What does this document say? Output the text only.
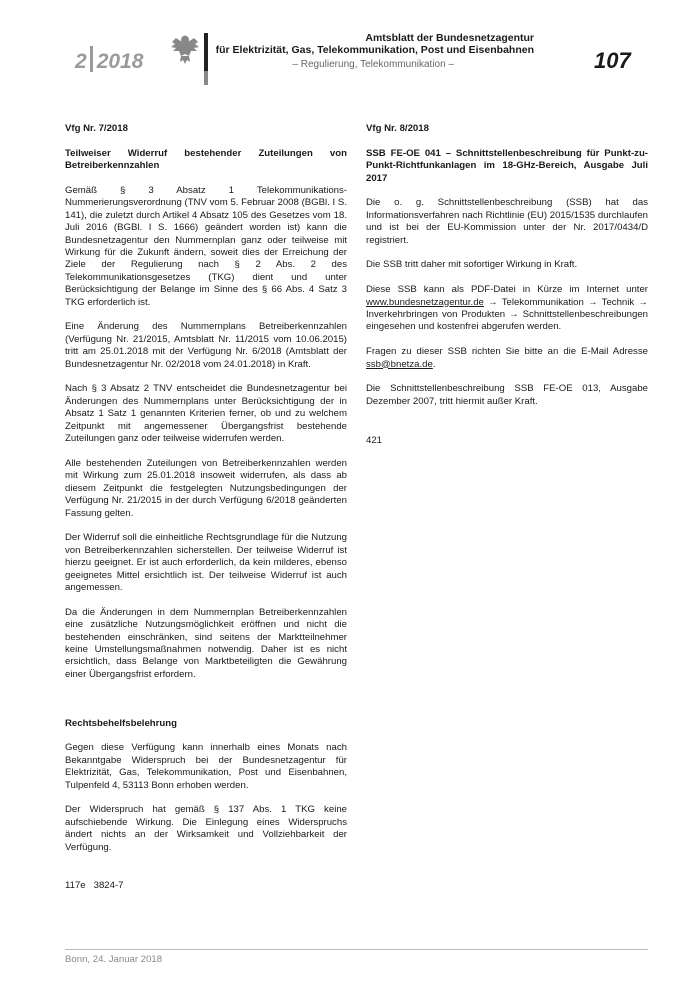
2 2018
Amtsblatt der Bundesnetzagentur
für Elektrizität, Gas, Telekommunikation, Post und Eisenbahnen
– Regulierung, Telekommunikation –	107
Vfg Nr. 7/2018

Teilweiser Widerruf bestehender Zuteilungen von Betreiberkennzahlen

Gemäß § 3 Absatz 1 Telekommunikations-Nummerierungsverordnung (TNV vom 5. Februar 2008 (BGBl. I S. 141), die zuletzt durch Artikel 4 Absatz 105 des Gesetzes vom 18. Juli 2016 (BGBl. I S. 1666) geändert worden ist) kann die Bundesnetzagentur den Nummernplan ganz oder teilweise mit Wirkung für die Zukunft ändern, soweit dies der Erreichung der Ziele der Regulierung nach § 2 Abs. 2 des Telekommunikationsgesetzes (TKG) dient und unter Berücksichtigung der Belange im Sinne des § 66 Abs. 4 Satz 3 TKG erforderlich ist.

Eine Änderung des Nummernplans Betreiberkennzahlen (Verfügung Nr. 21/2015, Amtsblatt Nr. 11/2015 vom 10.06.2015) tritt am 25.01.2018 mit der Verfügung Nr. 6/2018 (Amtsblatt der Bundesnetzagentur Nr. 02/2018 vom 24.01.2018) in Kraft.

Nach § 3 Absatz 2 TNV entscheidet die Bundesnetzagentur bei Änderungen des Nummernplans unter Berücksichtigung der in Absatz 1 Satz 1 genannten Kriterien ferner, ob und zu welchem Zeitpunkt mit angemessener Übergangsfrist bestehende Zuteilungen ganz oder teilweise widerrufen werden.

Alle bestehenden Zuteilungen von Betreiberkennzahlen werden mit Wirkung zum 25.01.2018 insoweit widerrufen, als dass ab diesem Zeitpunkt die festgelegten Nutzungsbedingungen der Verfügung Nr. 21/2015 in der durch Verfügung 6/2018 geänderten Fassung gelten.

Der Widerruf soll die einheitliche Rechtsgrundlage für die Nutzung von Betreiberkennzahlen sicherstellen. Der teilweise Widerruf ist hierzu geeignet. Er ist auch erforderlich, da kein milderes, ebenso geeignetes Mittel ersichtlich ist. Der teilweise Widerruf ist auch angemessen.

Da die Änderungen in dem Nummernplan Betreiberkennzahlen eine zusätzliche Nutzungsmöglichkeit eröffnen und nicht die bestehenden einschränken, sind seitens der Marktteilnehmer keine Umstellungsmaßnahmen notwendig. Daher ist es nicht ersichtlich, dass Belange von Marktbeteiligten die Gewährung einer Übergangsfrist erfordern.

Rechtsbehelfsbelehrung

Gegen diese Verfügung kann innerhalb eines Monats nach Bekanntgabe Widerspruch bei der Bundesnetzagentur für Elektrizität, Gas, Telekommunikation, Post und Eisenbahnen, Tulpenfeld 4, 53113 Bonn erhoben werden.

Der Widerspruch hat gemäß § 137 Abs. 1 TKG keine aufschiebende Wirkung. Die Einlegung eines Widerspruchs ändert nichts an der Wirksamkeit und Vollziehbarkeit der Verfügung.

117e   3824-7

Vfg Nr. 8/2018

SSB FE-OE 041 – Schnittstellenbeschreibung für Punkt-zu-Punkt-Richtfunkanlagen im 18-GHz-Bereich, Ausgabe Juli 2017

Die o. g. Schnittstellenbeschreibung (SSB) hat das Informationsverfahren nach Richtlinie (EU) 2015/1535 durchlaufen und ist bei der EU-Kommission unter der Nr. 2017/0434/D registriert.

Die SSB tritt daher mit sofortiger Wirkung in Kraft.

Diese SSB kann als PDF-Datei in Kürze im Internet unter www.bundesnetzagentur.de → Telekommunikation → Technik → Inverkehrbringen von Produkten → Schnittstellenbeschreibungen eingesehen und kostenfrei abgerufen werden.

Fragen zu dieser SSB richten Sie bitte an die E-Mail Adresse ssb@bnetza.de.

Die Schnittstellenbeschreibung SSB FE-OE 013, Ausgabe Dezember 2007, tritt hiermit außer Kraft.

421

Bonn, 24. Januar 2018
